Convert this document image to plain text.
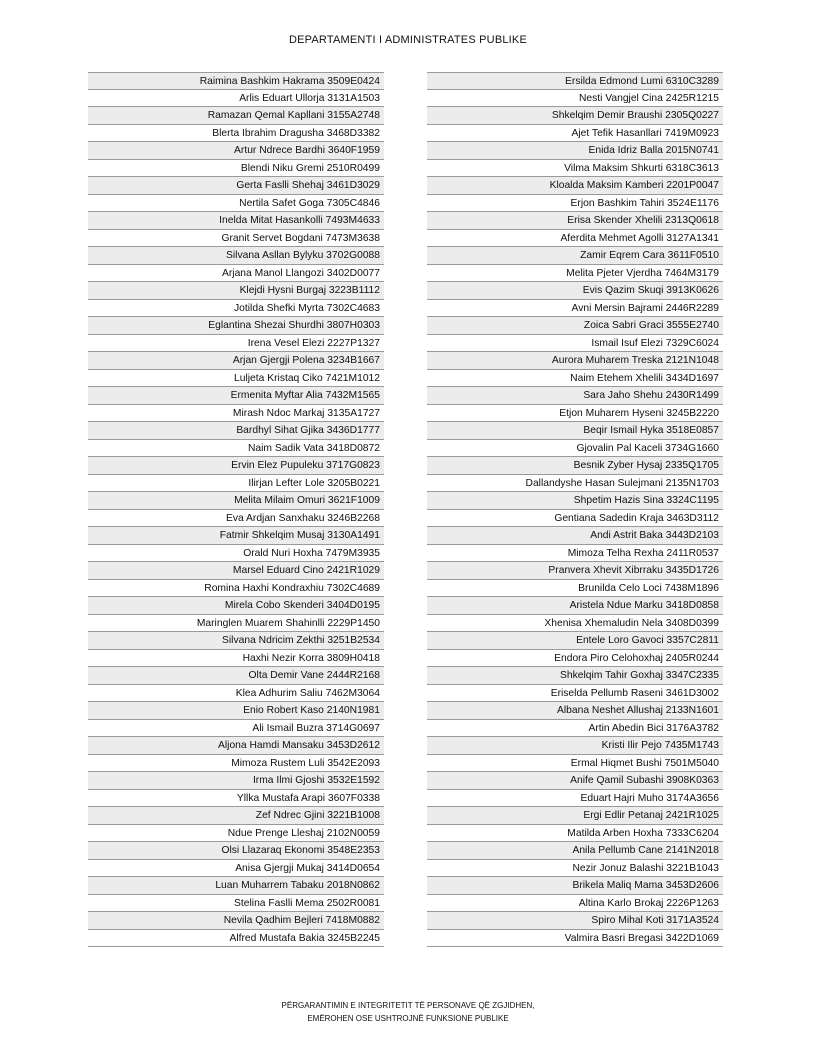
DEPARTAMENTI I ADMINISTRATES PUBLIKE
Raimina Bashkim Hakrama 3509E0424
Arlis Eduart Ullorja 3131A1503
Ramazan Qemal Kapllani 3155A2748
Blerta Ibrahim Dragusha 3468D3382
Artur Ndrece Bardhi 3640F1959
Blendi Niku Gremi 2510R0499
Gerta Faslli Shehaj 3461D3029
Nertila Safet Goga 7305C4846
Inelda Mitat Hasankolli 7493M4633
Granit Servet Bogdani 7473M3638
Silvana Asllan Bylyku 3702G0088
Arjana Manol Llangozi 3402D0077
Klejdi Hysni Burgaj 3223B1112
Jotilda Shefki Myrta 7302C4683
Eglantina Shezai Shurdhi 3807H0303
Irena Vesel Elezi 2227P1327
Arjan Gjergji Polena 3234B1667
Luljeta Kristaq Ciko 7421M1012
Ermenita Myftar Alia 7432M1565
Mirash Ndoc Markaj 3135A1727
Bardhyl Sihat Gjika 3436D1777
Naim Sadik Vata 3418D0872
Ervin Elez Pupuleku 3717G0823
Ilirjan Lefter Lole 3205B0221
Melita Milaim Omuri 3621F1009
Eva Ardjan Sanxhaku 3246B2268
Fatmir Shkelqim Musaj 3130A1491
Orald Nuri Hoxha 7479M3935
Marsel Eduard Cino 2421R1029
Romina Haxhi Kondraxhiu 7302C4689
Mirela Cobo Skenderi 3404D0195
Maringlen Muarem Shahinlli 2229P1450
Silvana Ndricim Zekthi 3251B2534
Haxhi Nezir Korra 3809H0418
Olta Demir Vane 2444R2168
Klea Adhurim Saliu 7462M3064
Enio Robert Kaso 2140N1981
Ali Ismail Buzra 3714G0697
Aljona Hamdi Mansaku 3453D2612
Mimoza Rustem Luli 3542E2093
Irma Ilmi Gjoshi 3532E1592
Yllka Mustafa Arapi 3607F0338
Zef Ndrec Gjini 3221B1008
Ndue Prenge Lleshaj 2102N0059
Olsi Llazaraq Ekonomi 3548E2353
Anisa Gjergji Mukaj 3414D0654
Luan Muharrem Tabaku 2018N0862
Stelina Faslli Mema 2502R0081
Nevila Qadhim Bejleri 7418M0882
Alfred Mustafa Bakia 3245B2245
Ersilda Edmond Lumi 6310C3289
Nesti Vangjel Cina 2425R1215
Shkelqim Demir Braushi 2305Q0227
Ajet Tefik Hasanllari 7419M0923
Enida Idriz Balla 2015N0741
Vilma Maksim Shkurti 6318C3613
Kloalda Maksim Kamberi 2201P0047
Erjon Bashkim Tahiri 3524E1176
Erisa Skender Xhelili 2313Q0618
Aferdita Mehmet Agolli 3127A1341
Zamir Eqrem Cara 3611F0510
Melita Pjeter Vjerdha 7464M3179
Evis Qazim Skuqi 3913K0626
Avni Mersin Bajrami 2446R2289
Zoica Sabri Graci 3555E2740
Ismail Isuf Elezi 7329C6024
Aurora Muharem Treska 2121N1048
Naim Etehem Xhelili 3434D1697
Sara Jaho Shehu 2430R1499
Etjon Muharem Hyseni 3245B2220
Beqir Ismail Hyka 3518E0857
Gjovalin Pal Kaceli 3734G1660
Besnik Zyber Hysaj 2335Q1705
Dallandyshe Hasan Sulejmani 2135N1703
Shpetim Hazis Sina 3324C1195
Gentiana Sadedin Kraja 3463D3112
Andi Astrit Baka 3443D2103
Mimoza Telha Rexha 2411R0537
Pranvera Xhevit Xibrraku 3435D1726
Brunilda Celo Loci 7438M1896
Aristela Ndue Marku 3418D0858
Xhenisa Xhemaludin Nela 3408D0399
Entele Loro Gavoci 3357C2811
Endora Piro Celohoxhaj 2405R0244
Shkelqim Tahir Goxhaj 3347C2335
Eriselda Pellumb Raseni 3461D3002
Albana Neshet Allushaj 2133N1601
Artin Abedin Bici 3176A3782
Kristi Ilir Pejo 7435M1743
Ermal Hiqmet Bushi 7501M5040
Anife Qamil Subashi 3908K0363
Eduart Hajri Muho 3174A3656
Ergi Edlir Petanaj 2421R1025
Matilda Arben Hoxha 7333C6204
Anila Pellumb Cane 2141N2018
Nezir Jonuz Balashi 3221B1043
Brikela Maliq Mama 3453D2606
Altina Karlo Brokaj 2226P1263
Spiro Mihal Koti 3171A3524
Valmira Basri Bregasi 3422D1069
PËRGARANTIMIN E INTEGRITETIT TË PERSONAVE QË ZGJIDHEN,
EMËROHEN OSE USHTROJNË FUNKSIONE PUBLIKE
